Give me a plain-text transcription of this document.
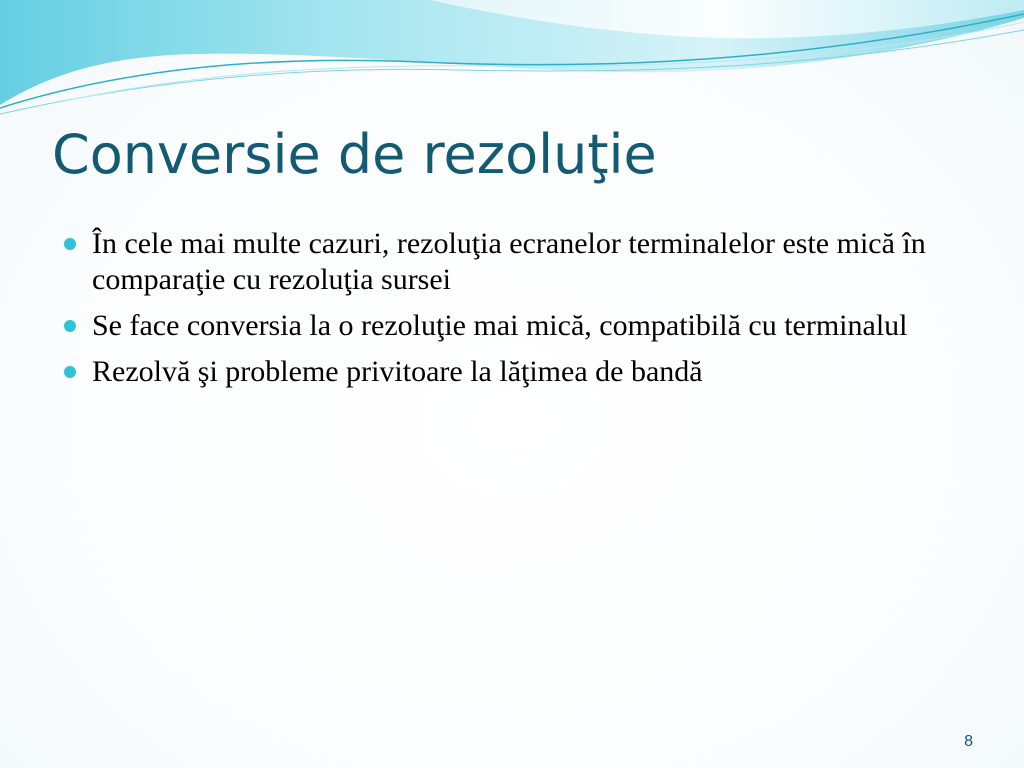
Conversie de rezoluţie
În cele mai multe cazuri, rezoluţia ecranelor terminalelor este mică în comparaţie cu rezoluţia sursei
Se face conversia la o rezoluţie mai mică, compatibilă cu terminalul
Rezolvă şi probleme privitoare la lăţimea de bandă
8
